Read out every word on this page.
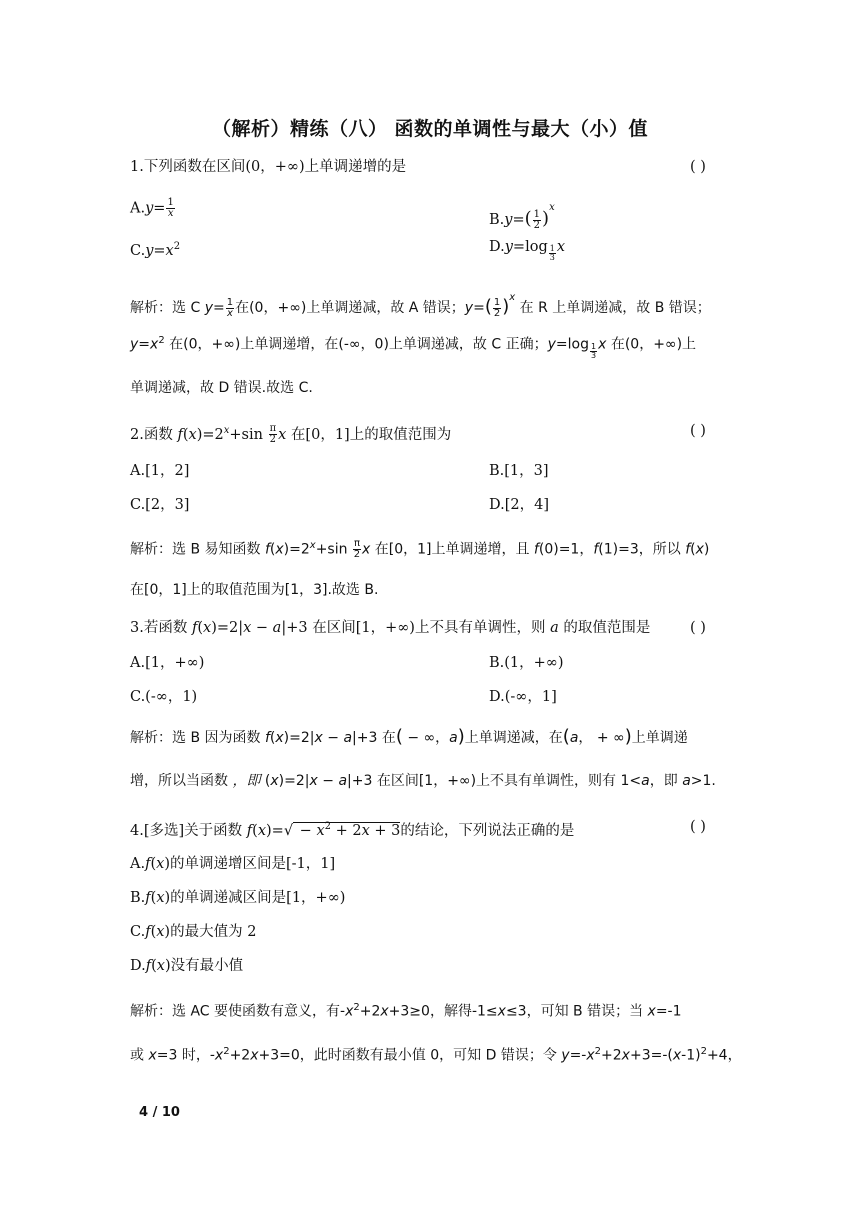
（解析）精练（八） 函数的单调性与最大（小）值
1.下列函数在区间(0，+∞)上单调递增的是	( )
$A.y= \frac{1}{x}$
$B.y=( \frac{1}{2} )^x$
$C.y=x^2$	$D.y=\log \frac{1}{3}$ x
解析：选 C $y= \frac{1}{x}$ 在(0，+∞)上单调递减，故 A 错误；$y=( \frac{1}{2} )^x$ 在 R 上单调递减，故 B 错误；
$y=x^2$ 在(0，+∞)上单调递增，在(-∞，0)上单调递减，故 C 正确；$y=\log \frac{1}{3}$ x 在(0，+∞)上
单调递减，故 D 错误.故选 C.
2.函数 $f(x)=2^x+\sin \frac{\pi}{2}$ x 在[0，1]上的取值范围为	( )
A.[1，2]	B.[1，3]
C.[2，3]	D.[2，4]
解析：选 B 易知函数 $f(x)=2^x+\sin \frac{\pi}{2}$ x 在[0，1]上单调递增，且 f(0)=1，f(1)=3，所以 f(x)
在[0，1]上的取值范围为[1，3].故选 B.
3.若函数 f(x)=2|x − a|+3 在区间[1，+∞)上不具有单调性，则 a 的取值范围是	( )
A.[1，+∞)	B.(1，+∞)
C.(-∞，1)	D.(-∞，1]
解析：选 B 因为函数 f(x)=2|x − a|+3 在( − ∞，a)上单调递减，在(a， + ∞)上单调递
增，所以当函数 ，即 (x)=2|x − a|+3 在区间[1，+∞)上不具有单调性，则有 1<a，即 a>1.
4.[多选]关于函数 $f(x)=√ - x^2 + 2x + 3$的结论，下列说法正确的是	( )
A.f(x)的单调递增区间是[-1，1]
B.f(x)的单调递减区间是[1，+∞)
C.f(x)的最大值为 2
D.f(x)没有最小值
解析：选 AC 要使函数有意义，有$-x^2+2x+3\ge 0$，解得-1≤x≤3，可知 B 错误；当 x=-1
或 x=3 时，$-x^2+2x+3=0$，此时函数有最小值 0，可知 D 错误；令 $y=-x^2+2x+3=-(x-1)^2+4$，
4 / 10
